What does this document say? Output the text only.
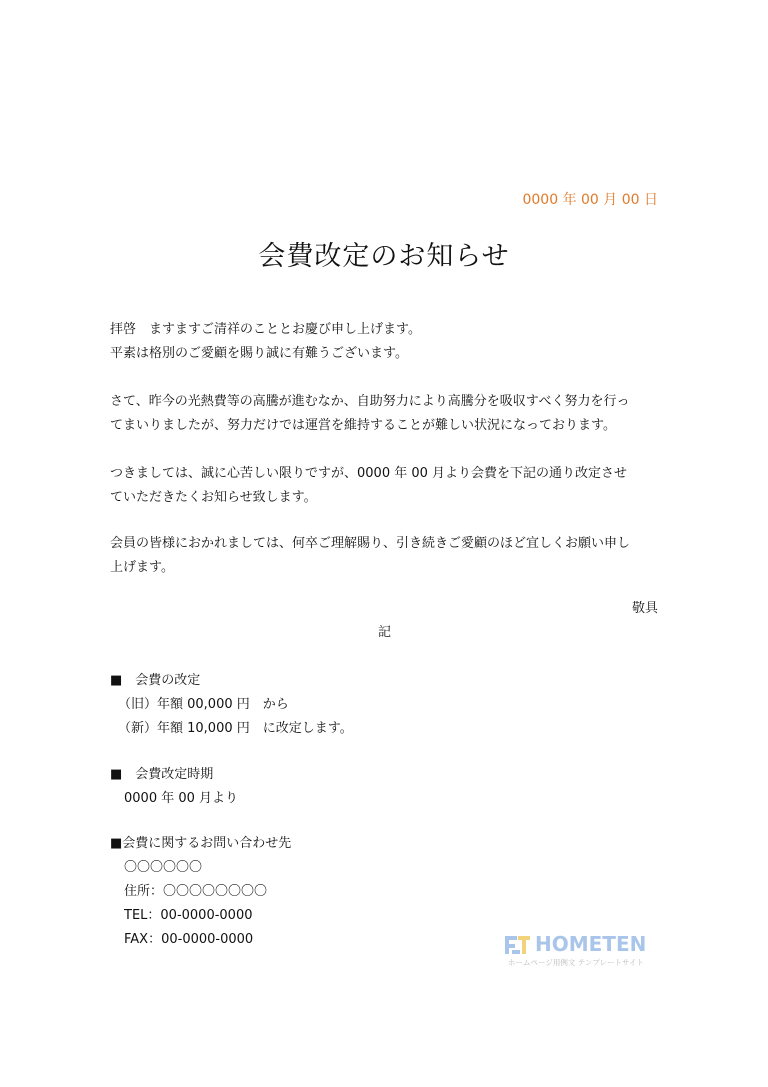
0000 年 00 月 00 日
会費改定のお知らせ
拝啓　ますますご清祥のこととお慶び申し上げます。
平素は格別のご愛顧を賜り誠に有難うございます。
さて、昨今の光熱費等の高騰が進むなか、自助努力により高騰分を吸収すべく努力を行っ
てまいりましたが、努力だけでは運営を維持することが難しい状況になっております。
つきましては、誠に心苦しい限りですが、0000 年 00 月より会費を下記の通り改定させ
ていただきたくお知らせ致します。
会員の皆様におかれましては、何卒ご理解賜り、引き続きご愛顧のほど宜しくお願い申し
上げます。
敬具
記
■　会費の改定
（旧）年額 00,000 円　から
（新）年額 10,000 円　に改定します。
■　会費改定時期
0000 年 00 月より
■会費に関するお問い合わせ先
〇〇〇〇〇〇
住所：〇〇〇〇〇〇〇〇
TEL：00-0000-0000
FAX：00-0000-0000	HOMETEN
ホームページ用例文 テンプレートサイト
